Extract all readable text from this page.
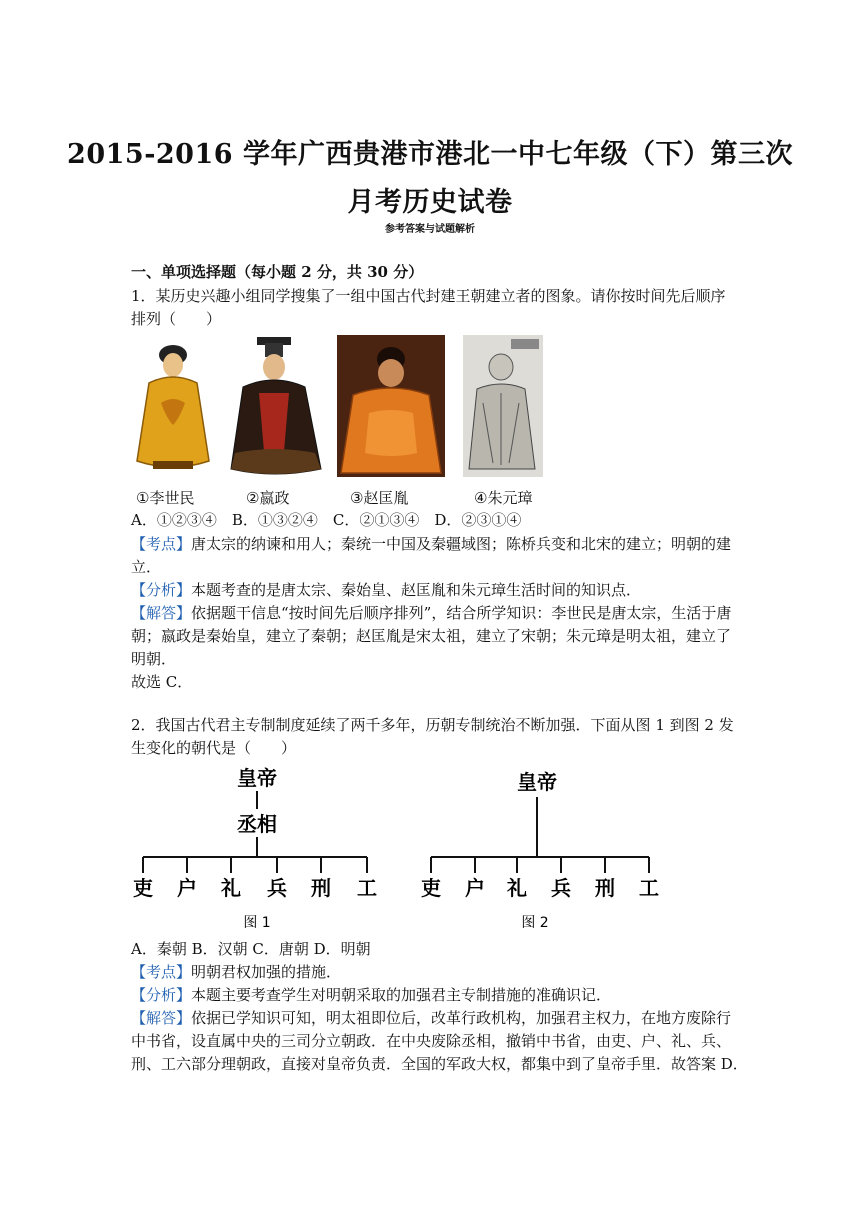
2015-2016 学年广西贵港市港北一中七年级（下）第三次
月考历史试卷
参考答案与试题解析
一、单项选择题（每小题 2 分，共 30 分）
1．某历史兴趣小组同学搜集了一组中国古代封建王朝建立者的图象。请你按时间先后顺序
排列（　　）
①李世民	②嬴政	③赵匡胤	④朱元璋
A．①②③④　B．①③②④　C．②①③④　D．②③①④
【考点】唐太宗的纳谏和用人；秦统一中国及秦疆域图；陈桥兵变和北宋的建立；明朝的建
立．
【分析】本题考查的是唐太宗、秦始皇、赵匡胤和朱元璋生活时间的知识点．
【解答】依据题干信息“按时间先后顺序排列”，结合所学知识：李世民是唐太宗，生活于唐
朝；嬴政是秦始皇，建立了秦朝；赵匡胤是宋太祖，建立了宋朝；朱元璋是明太祖，建立了
明朝．
故选 C．
2．我国古代君主专制制度延续了两千多年，历朝专制统治不断加强．下面从图 1 到图 2 发
生变化的朝代是（　　）
皇帝
丞相
吏 户 礼 兵 刑 工
图 1
皇帝
吏 户 礼 兵 刑 工
图 2
A．秦朝 B．汉朝 C．唐朝 D．明朝
【考点】明朝君权加强的措施．
【分析】本题主要考查学生对明朝采取的加强君主专制措施的准确识记．
【解答】依据已学知识可知，明太祖即位后，改革行政机构，加强君主权力，在地方废除行
中书省，设直属中央的三司分立朝政．在中央废除丞相，撤销中书省，由吏、户、礼、兵、
刑、工六部分理朝政，直接对皇帝负责．全国的军政大权，都集中到了皇帝手里．故答案 D．
